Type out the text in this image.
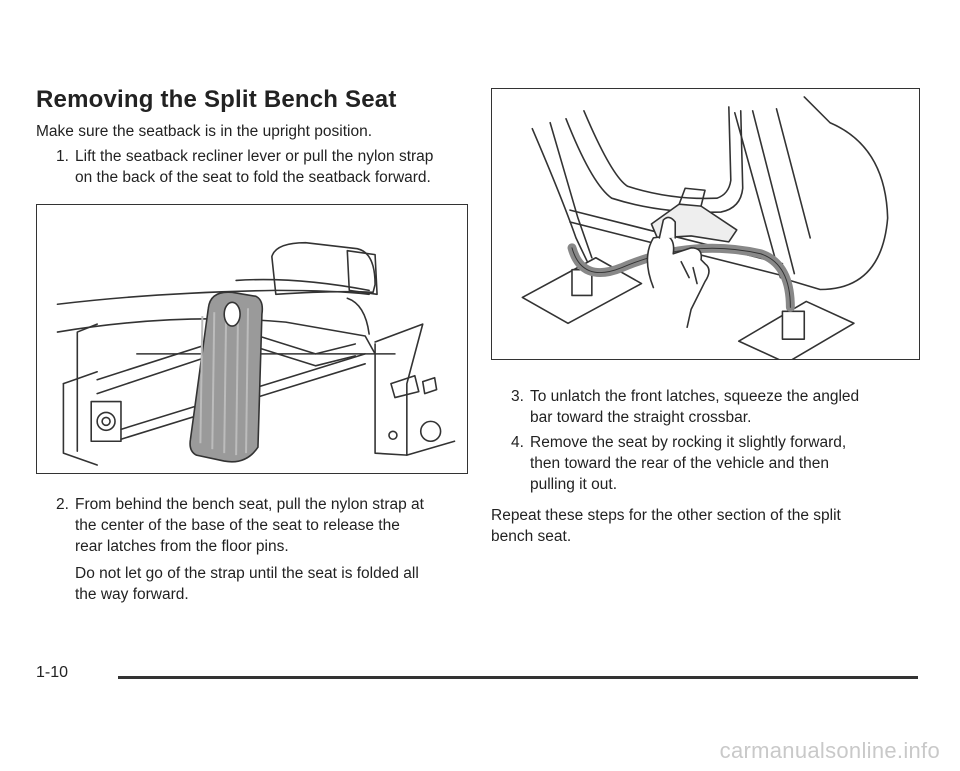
Removing the Split Bench Seat

Make sure the seatback is in the upright position.

1. Lift the seatback recliner lever or pull the nylon strap
on the back of the seat to fold the seatback forward.
2. From behind the bench seat, pull the nylon strap at
the center of the base of the seat to release the
rear latches from the floor pins.
Do not let go of the strap until the seat is folded all
the way forward.
3. To unlatch the front latches, squeeze the angled
bar toward the straight crossbar.
4. Remove the seat by rocking it slightly forward,
then toward the rear of the vehicle and then
pulling it out.
Repeat these steps for the other section of the split
bench seat.
1-10
carmanualsonline.info
